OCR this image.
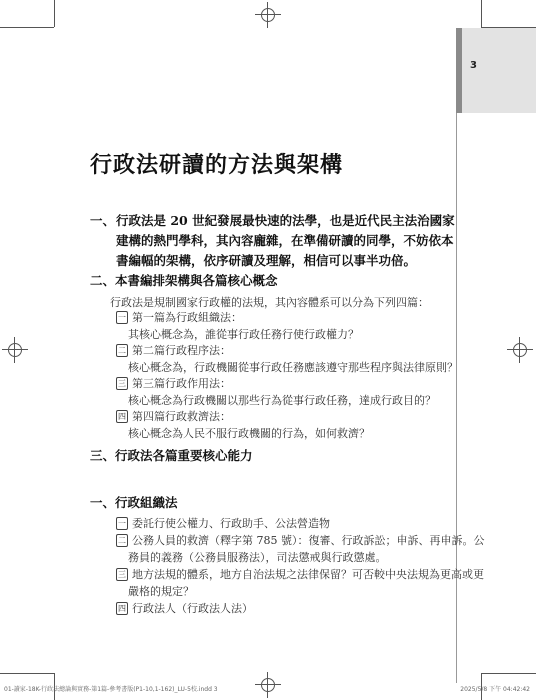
3
行政法研讀的方法與架構
一、 行政法是 20 世紀發展最快速的法學，也是近代民主法治國家建構的熱門學科，其內容龐雜，在準備研讀的同學，不妨依本書編幅的架構，依序研讀及理解，相信可以事半功倍。
二、本書編排架構與各篇核心概念
行政法是規制國家行政權的法規，其內容體系可以分為下列四篇：
一 第一篇為行政組織法：
其核心概念為，誰從事行政任務行使行政權力？
二 第二篇行政程序法：
核心概念為，行政機關從事行政任務應該遵守那些程序與法律原則？
三 第三篇行政作用法：
核心概念為行政機關以那些行為從事行政任務，達成行政目的？
四 第四篇行政救濟法：
核心概念為人民不服行政機關的行為，如何救濟？
三、行政法各篇重要核心能力
一、行政組織法
一 委託行使公權力、行政助手、公法營造物
二 公務人員的救濟（釋字第 785 號）：復審、行政訴訟；申訴、再申訴。公
務員的義務（公務員服務法），司法懲戒與行政懲處。
三 地方法規的體系，地方自治法規之法律保留？可否較中央法規為更高或更
嚴格的規定？
四 行政法人（行政法人法）
01-讀家-18K-行政法總論與實務-第1篇-參考書版(P1-10,1-162)_LU-5校.indd 3	2025/5/8 下午 04:42:42
